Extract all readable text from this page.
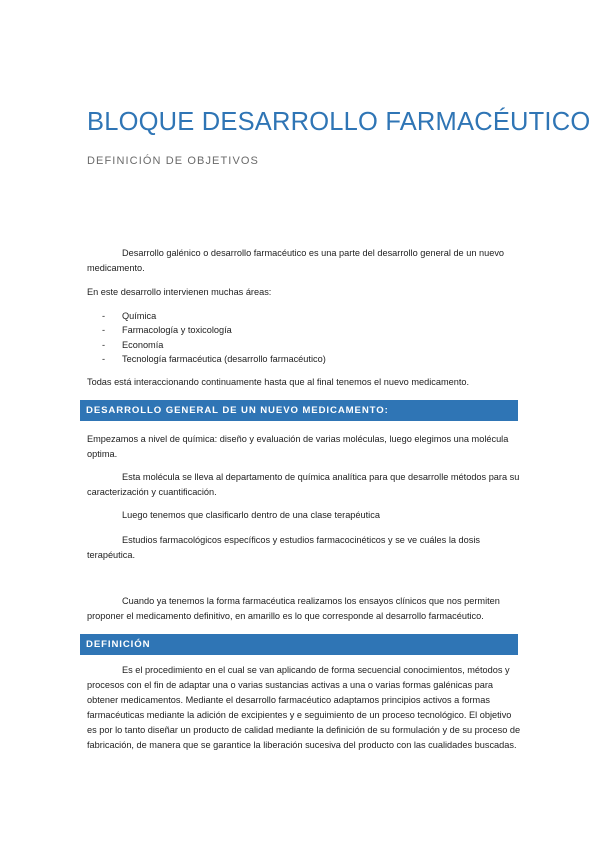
BLOQUE DESARROLLO FARMACÉUTICO
DEFINICIÓN DE OBJETIVOS

Desarrollo galénico o desarrollo farmacéutico es una parte del desarrollo general de un nuevo medicamento.

En este desarrollo intervienen muchas áreas:

- Química
- Farmacología y toxicología
- Economía
- Tecnología farmacéutica (desarrollo farmacéutico)

Todas está interaccionando continuamente hasta que al final tenemos el nuevo medicamento.

DESARROLLO GENERAL DE UN NUEVO MEDICAMENTO:

Empezamos a nivel de química: diseño y evaluación de varias moléculas, luego elegimos una molécula optima.

Esta molécula se lleva al departamento de química analítica para que desarrolle métodos para su caracterización y cuantificación.

Luego tenemos que clasificarlo dentro de una clase terapéutica

Estudios farmacológicos específicos y estudios farmacocinéticos y se ve cuáles la dosis terapéutica.

Cuando ya tenemos la forma farmacéutica realizamos los ensayos clínicos que nos permiten proponer el medicamento definitivo, en amarillo es lo que corresponde al desarrollo farmacéutico.

DEFINICIÓN

Es el procedimiento en el cual se van aplicando de forma secuencial conocimientos, métodos y procesos con el fin de adaptar una o varias sustancias activas a una o varias formas galénicas para obtener medicamentos. Mediante el desarrollo farmacéutico adaptamos principios activos a formas farmacéuticas mediante la adición de excipientes y e seguimiento de un proceso tecnológico. El objetivo es por lo tanto diseñar un producto de calidad mediante la definición de su formulación y de su proceso de fabricación, de manera que se garantice la liberación sucesiva del producto con las cualidades buscadas.
